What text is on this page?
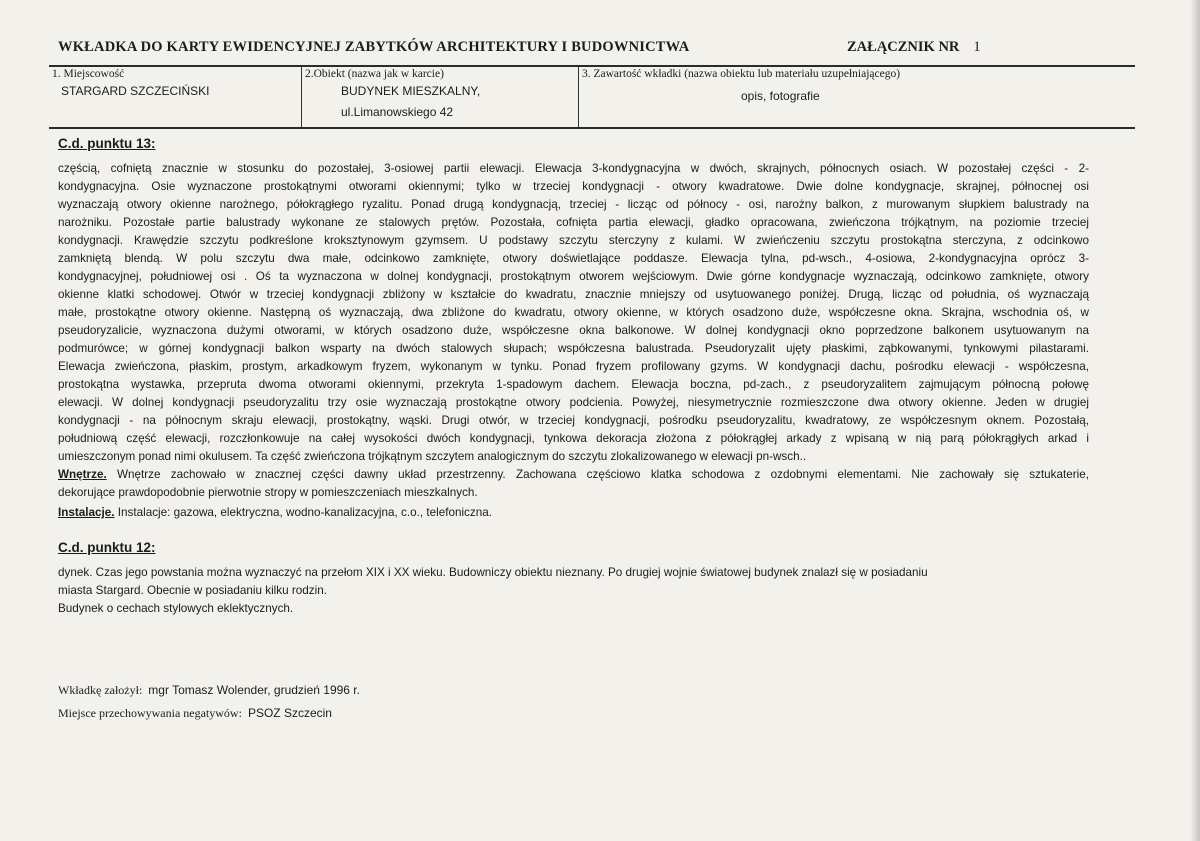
WKŁADKA DO KARTY EWIDENCYJNEJ ZABYTKÓW ARCHITEKTURY I BUDOWNICTWA	ZAŁĄCZNIK NR 1
1. Miejscowość
STARGARD SZCZECIŃSKI
2.Obiekt (nazwa jak w karcie)
BUDYNEK MIESZKALNY,
ul.Limanowskiego 42
3. Zawartość wkładki (nazwa obiektu lub materiału uzupełniającego)
opis, fotografie
C.d. punktu 13:
częścią, cofniętą znacznie w stosunku do pozostałej, 3-osiowej partii elewacji. Elewacja 3-kondygnacyjna w dwóch, skrajnych, północnych osiach. W pozostałej części - 2-
kondygnacyjna. Osie wyznaczone prostokątnymi otworami okiennymi; tylko w trzeciej kondygnacji - otwory kwadratowe. Dwie dolne kondygnacje, skrajnej, północnej osi
wyznaczają otwory okienne narożnego, półokrągłego ryzalitu. Ponad drugą kondygnacją, trzeciej - licząc od północy - osi, narożny balkon, z murowanym słupkiem balustrady na
narożniku. Pozostałe partie balustrady wykonane ze stalowych prętów. Pozostała, cofnięta partia elewacji, gładko opracowana, zwieńczona trójkątnym, na poziomie trzeciej
kondygnacji. Krawędzie szczytu podkreślone kroksztynowym gzymsem. U podstawy szczytu sterczyny z kulami. W zwieńczeniu szczytu prostokątna sterczyna, z odcinkowo
zamkniętą blendą. W polu szczytu dwa małe, odcinkowo zamknięte, otwory doświetlające poddasze. Elewacja tylna, pd-wsch., 4-osiowa, 2-kondygnacyjna oprócz 3-
kondygnacyjnej, południowej osi . Oś ta wyznaczona w dolnej kondygnacji, prostokątnym otworem wejściowym. Dwie górne kondygnacje wyznaczają, odcinkowo zamknięte, otwory
okienne klatki schodowej. Otwór w trzeciej kondygnacji zbliżony w kształcie do kwadratu, znacznie mniejszy od usytuowanego poniżej. Drugą, licząc od południa, oś wyznaczają
małe, prostokątne otwory okienne. Następną oś wyznaczają, dwa zbliżone do kwadratu, otwory okienne, w których osadzono duże, współczesne okna. Skrajna, wschodnia oś, w
pseudoryzalicie, wyznaczona dużymi otworami, w których osadzono duże, współczesne okna balkonowe. W dolnej kondygnacji okno poprzedzone balkonem usytuowanym na
podmurówce; w górnej kondygnacji balkon wsparty na dwóch stalowych słupach; współczesna balustrada. Pseudoryzalit ujęty płaskimi, ząbkowanymi, tynkowymi pilastarami.
Elewacja zwieńczona, płaskim, prostym, arkadkowym fryzem, wykonanym w tynku. Ponad fryzem profilowany gzyms. W kondygnacji dachu, pośrodku elewacji - współczesna,
prostokątna wystawka, przepruta dwoma otworami okiennymi, przekryta 1-spadowym dachem. Elewacja boczna, pd-zach., z pseudoryzalitem zajmującym północną połowę
elewacji. W dolnej kondygnacji pseudoryzalitu trzy osie wyznaczają prostokątne otwory podcienia. Powyżej, niesymetrycznie rozmieszczone dwa otwory okienne. Jeden w drugiej
kondygnacji - na północnym skraju elewacji, prostokątny, wąski. Drugi otwór, w trzeciej kondygnacji, pośrodku pseudoryzalitu, kwadratowy, ze współczesnym oknem. Pozostałą,
południową część elewacji, rozczłonkowuje na całej wysokości dwóch kondygnacji, tynkowa dekoracja złożona z półokrągłej arkady z wpisaną w nią parą półokrągłych arkad i
umieszczonym ponad nimi okulusem. Ta część zwieńczona trójkątnym szczytem analogicznym do szczytu zlokalizowanego w elewacji pn-wsch..
Wnętrze. Wnętrze zachowało w znacznej części dawny układ przestrzenny. Zachowana częściowo klatka schodowa z ozdobnymi elementami. Nie zachowały się sztukaterie,
dekorujące prawdopodobnie pierwotnie stropy w pomieszczeniach mieszkalnych.
Instalacje. Instalacje: gazowa, elektryczna, wodno-kanalizacyjna, c.o., telefoniczna.
C.d. punktu 12:
dynek. Czas jego powstania można wyznaczyć na przełom XIX i XX wieku. Budowniczy obiektu nieznany. Po drugiej wojnie światowej budynek znalazł się w posiadaniu
miasta Stargard. Obecnie w posiadaniu kilku rodzin.
Budynek o cechach stylowych eklektycznych.
Wkładkę założył: mgr Tomasz Wolender, grudzień 1996 r.
Miejsce przechowywania negatywów: PSOZ Szczecin
